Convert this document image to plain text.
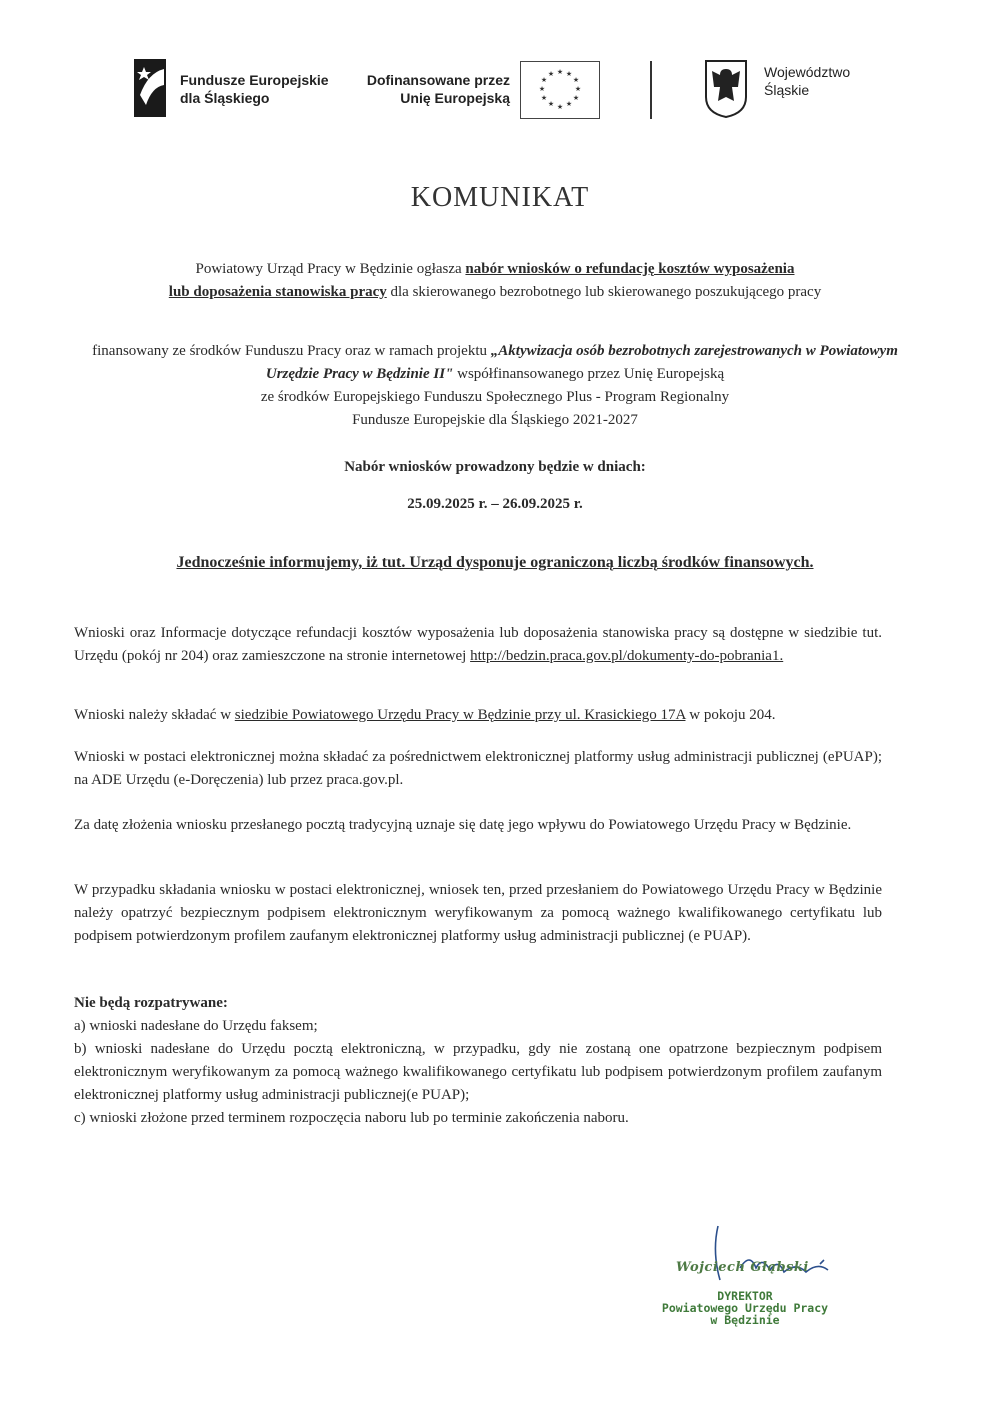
Fundusze Europejskie
dla Śląskiego
Dofinansowane przez
Unię Europejską
★ ★
★
★
★
★
★
★
★
★
★
★	Województwo
Śląskie
KOMUNIKAT
Powiatowy Urząd Pracy w Będzinie ogłasza nabór wniosków o refundację kosztów wyposażenia
lub doposażenia stanowiska pracy dla skierowanego bezrobotnego lub skierowanego poszukującego pracy
finansowany ze środków Funduszu Pracy oraz w ramach projektu „Aktywizacja osób bezrobotnych zarejestrowanych w Powiatowym Urzędzie Pracy w Będzinie II" współfinansowanego przez Unię Europejską
ze środków Europejskiego Funduszu Społecznego Plus - Program Regionalny
Fundusze Europejskie dla Śląskiego 2021-2027
Nabór wniosków prowadzony będzie w dniach:
25.09.2025 r. – 26.09.2025 r.
Jednocześnie informujemy, iż tut. Urząd dysponuje ograniczoną liczbą środków finansowych.
Wnioski oraz Informacje dotyczące refundacji kosztów wyposażenia lub doposażenia stanowiska pracy są dostępne w siedzibie tut. Urzędu (pokój nr 204) oraz zamieszczone na stronie internetowej http://bedzin.praca.gov.pl/dokumenty-do-pobrania1.
Wnioski należy składać w siedzibie Powiatowego Urzędu Pracy w Będzinie przy ul. Krasickiego 17A w pokoju 204.
Wnioski w postaci elektronicznej można składać za pośrednictwem elektronicznej platformy usług administracji publicznej (ePUAP); na ADE Urzędu (e-Doręczenia) lub przez praca.gov.pl.
Za datę złożenia wniosku przesłanego pocztą tradycyjną uznaje się datę jego wpływu do Powiatowego Urzędu Pracy w Będzinie.
W przypadku składania wniosku w postaci elektronicznej, wniosek ten, przed przesłaniem do Powiatowego Urzędu Pracy w Będzinie należy opatrzyć bezpiecznym podpisem elektronicznym weryfikowanym za pomocą ważnego kwalifikowanego certyfikatu lub podpisem potwierdzonym profilem zaufanym elektronicznej platformy usług administracji publicznej (e PUAP).
Nie będą rozpatrywane:
a) wnioski nadesłane do Urzędu faksem;
b) wnioski nadesłane do Urzędu pocztą elektroniczną, w przypadku, gdy nie zostaną one opatrzone bezpiecznym podpisem elektronicznym weryfikowanym za pomocą ważnego kwalifikowanego certyfikatu lub podpisem potwierdzonym profilem zaufanym elektronicznej platformy usług administracji publicznej(e PUAP);
c) wnioski złożone przed terminem rozpoczęcia naboru lub po terminie zakończenia naboru.
Wojciech Głąbski
DYREKTOR
Powiatowego Urzędu Pracy
w Będzinie
